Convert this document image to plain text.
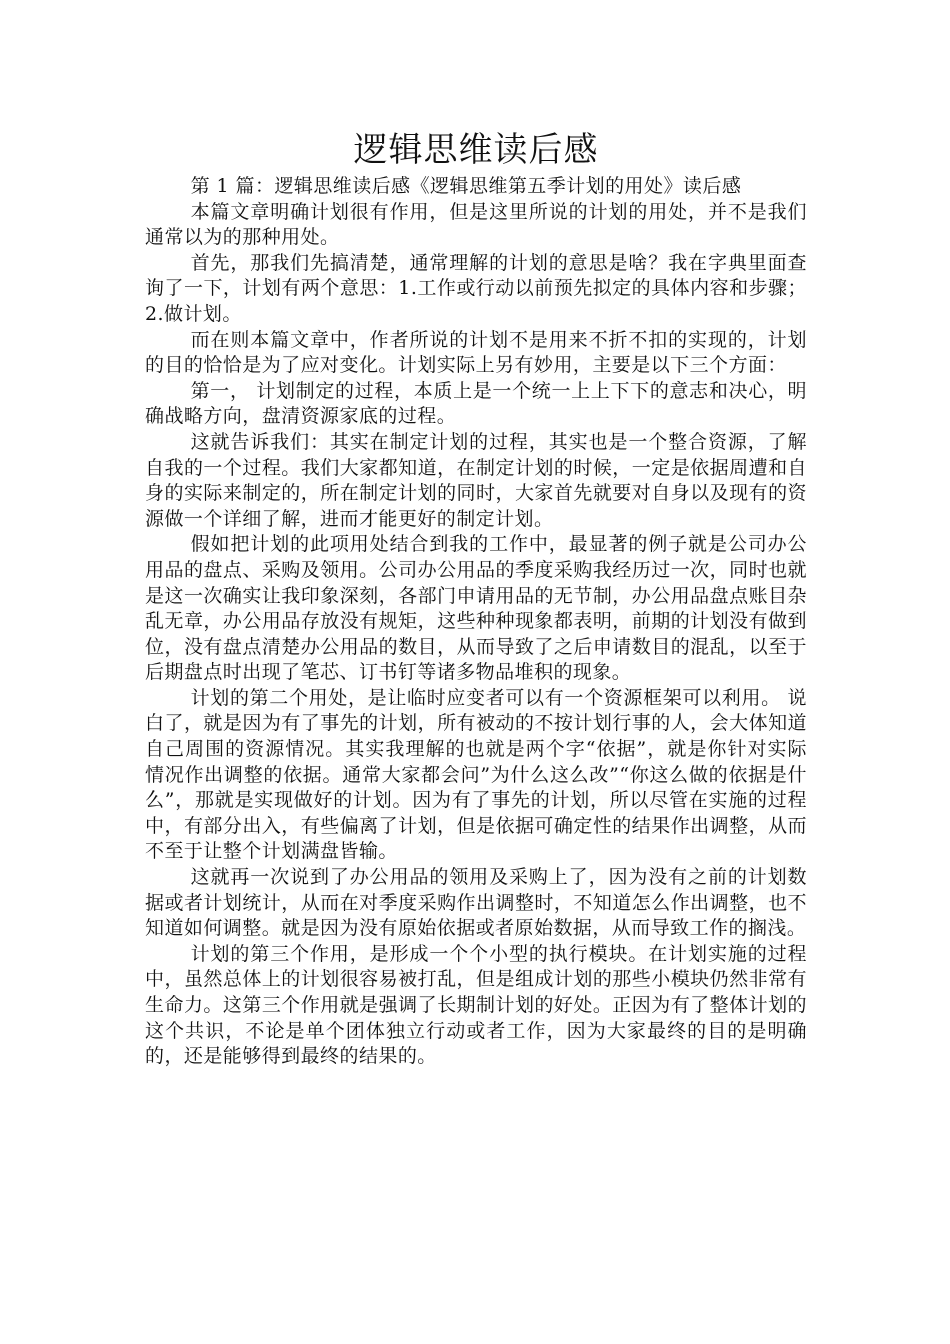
逻辑思维读后感

第 1 篇：逻辑思维读后感《逻辑思维第五季计划的用处》读后感

本篇文章明确计划很有作用，但是这里所说的计划的用处，并不是我们通常以为的那种用处。

首先，那我们先搞清楚，通常理解的计划的意思是啥？我在字典里面查询了一下，计划有两个意思：1.工作或行动以前预先拟定的具体内容和步骤； 2.做计划。

而在则本篇文章中，作者所说的计划不是用来不折不扣的实现的，计划的目的恰恰是为了应对变化。计划实际上另有妙用，主要是以下三个方面：

第一， 计划制定的过程，本质上是一个统一上上下下的意志和决心，明确战略方向，盘清资源家底的过程。

这就告诉我们：其实在制定计划的过程，其实也是一个整合资源，了解自我的一个过程。我们大家都知道，在制定计划的时候，一定是依据周遭和自身的实际来制定的，所在制定计划的同时，大家首先就要对自身以及现有的资源做一个详细了解，进而才能更好的制定计划。

假如把计划的此项用处结合到我的工作中，最显著的例子就是公司办公用品的盘点、采购及领用。公司办公用品的季度采购我经历过一次，同时也就是这一次确实让我印象深刻，各部门申请用品的无节制，办公用品盘点账目杂乱无章，办公用品存放没有规矩，这些种种现象都表明，前期的计划没有做到位，没有盘点清楚办公用品的数目，从而导致了之后申请数目的混乱，以至于后期盘点时出现了笔芯、订书钉等诸多物品堆积的现象。

计划的第二个用处，是让临时应变者可以有一个资源框架可以利用。 说白了，就是因为有了事先的计划，所有被动的不按计划行事的人，会大体知道自己周围的资源情况。其实我理解的也就是两个字“依据”，就是你针对实际情况作出调整的依据。通常大家都会问”为什么这么改”“你这么做的依据是什么”，那就是实现做好的计划。因为有了事先的计划，所以尽管在实施的过程中，有部分出入，有些偏离了计划，但是依据可确定性的结果作出调整，从而不至于让整个计划满盘皆输。

这就再一次说到了办公用品的领用及采购上了，因为没有之前的计划数据或者计划统计，从而在对季度采购作出调整时，不知道怎么作出调整，也不知道如何调整。就是因为没有原始依据或者原始数据，从而导致工作的搁浅。

计划的第三个作用，是形成一个个小型的执行模块。在计划实施的过程中，虽然总体上的计划很容易被打乱，但是组成计划的那些小模块仍然非常有生命力。这第三个作用就是强调了长期制计划的好处。正因为有了整体计划的这个共识，不论是单个团体独立行动或者工作，因为大家最终的目的是明确的，还是能够得到最终的结果的。
